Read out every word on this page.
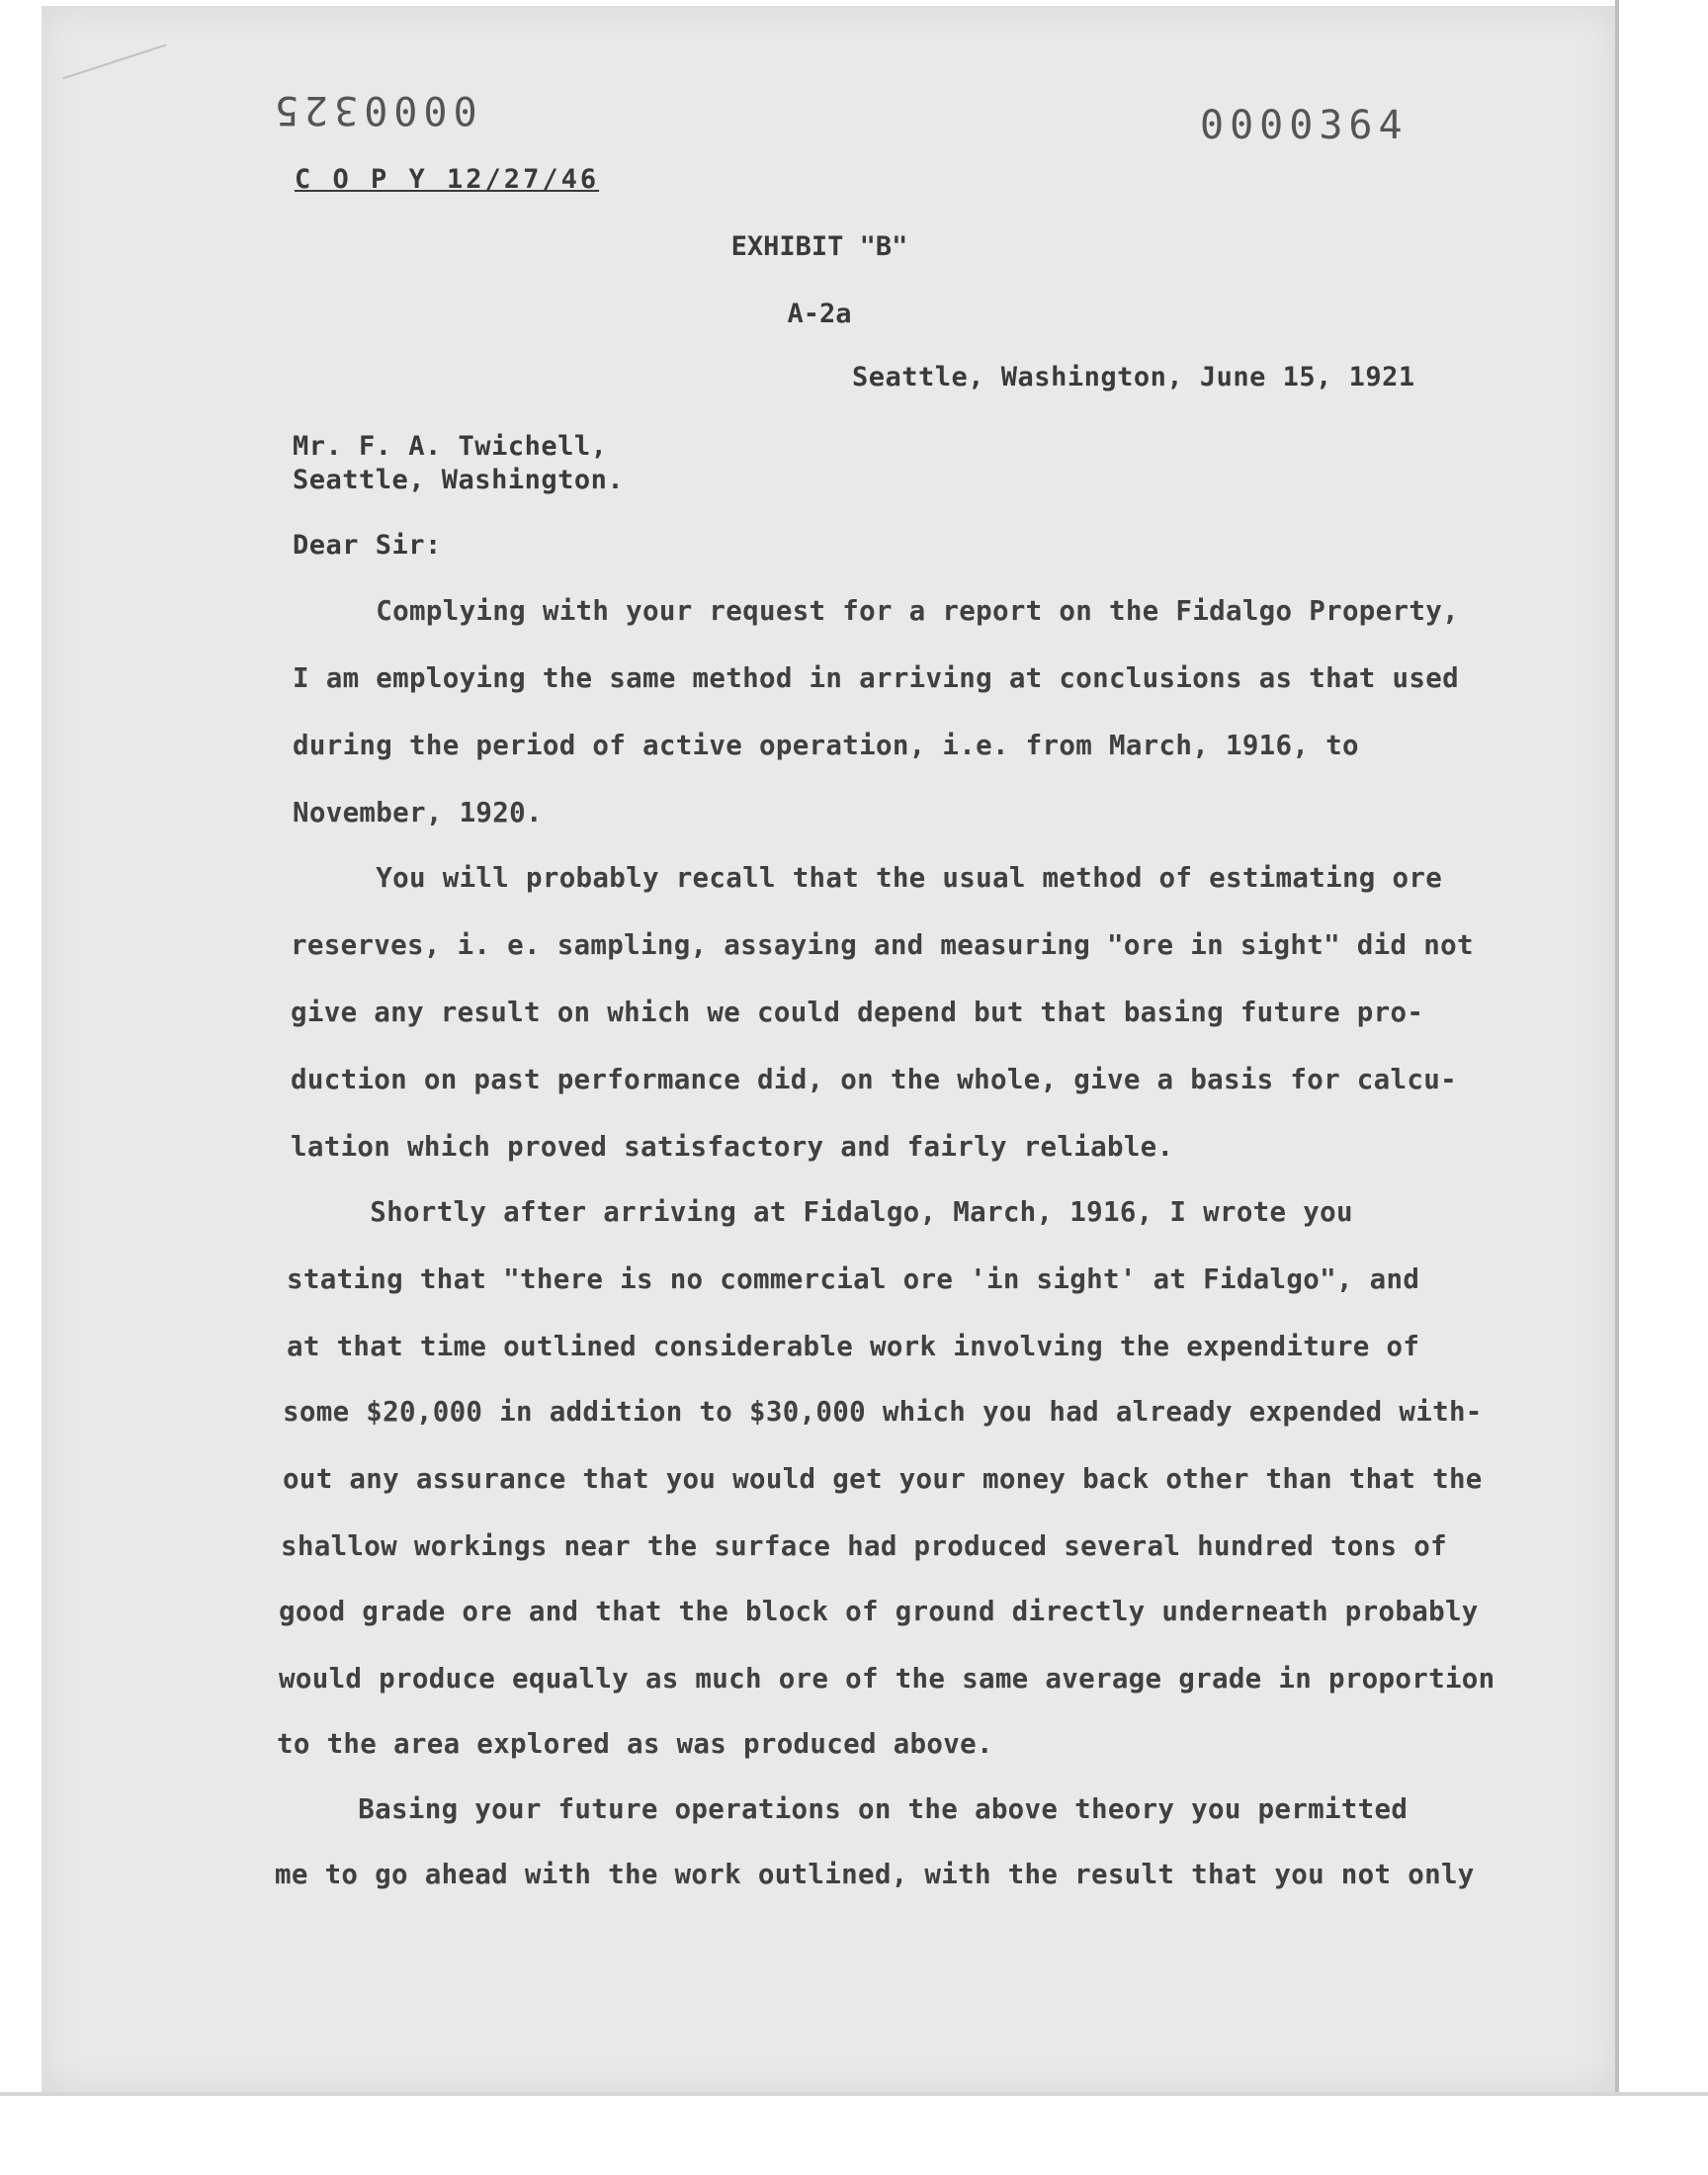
0000325	0000364
C O P Y 12/27/46
EXHIBIT "B"
A-2a
Seattle, Washington, June 15, 1921
Mr. F. A. Twichell,
Seattle, Washington.
Dear Sir:
Complying with your request for a report on the Fidalgo Property,
I am employing the same method in arriving at conclusions as that used
during the period of active operation, i.e. from March, 1916, to
November, 1920.
You will probably recall that the usual method of estimating ore
reserves, i. e. sampling, assaying and measuring "ore in sight" did not
give any result on which we could depend but that basing future pro-
duction on past performance did, on the whole, give a basis for calcu-
lation which proved satisfactory and fairly reliable.
Shortly after arriving at Fidalgo, March, 1916, I wrote you
stating that "there is no commercial ore 'in sight' at Fidalgo", and
at that time outlined considerable work involving the expenditure of
some $20,000 in addition to $30,000 which you had already expended with-
out any assurance that you would get your money back other than that the
shallow workings near the surface had produced several hundred tons of
good grade ore and that the block of ground directly underneath probably
would produce equally as much ore of the same average grade in proportion
to the area explored as was produced above.
Basing your future operations on the above theory you permitted
me to go ahead with the work outlined, with the result that you not only
